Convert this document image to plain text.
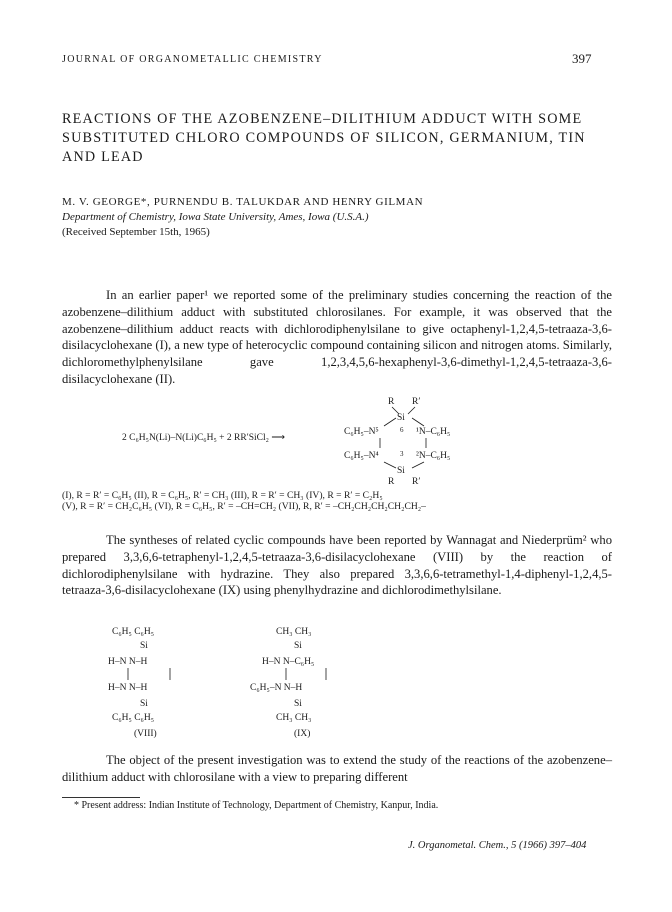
JOURNAL OF ORGANOMETALLIC CHEMISTRY	397
REACTIONS OF THE AZOBENZENE–DILITHIUM ADDUCT WITH SOME
SUBSTITUTED CHLORO COMPOUNDS OF SILICON, GERMANIUM, TIN
AND LEAD
M. V. GEORGE*, PURNENDU B. TALUKDAR AND HENRY GILMAN
Department of Chemistry, Iowa State University, Ames, Iowa (U.S.A.)
(Received September 15th, 1965)
In an earlier paper¹ we reported some of the preliminary studies concerning the reaction of the azobenzene–dilithium adduct with substituted chlorosilanes. For example, it was observed that the azobenzene–dilithium adduct reacts with dichlorodiphenylsilane to give octaphenyl-1,2,4,5-tetraaza-3,6-disilacyclohexane (I), a new type of heterocyclic compound containing silicon and nitrogen atoms. Similarly, dichloromethylphenylsilane gave 1,2,3,4,5,6-hexaphenyl-3,6-dimethyl-1,2,4,5-tetraaza-3,6-disilacyclohexane (II).
2 C₆H₅N(Li)–N(Li)C₆H₅ + 2 RR′SiCl₂ ⟶
R R′
Si
C₆H₅–N⁵	6 ¹N–C₆H₅
C₆H₅–N⁴	3 ²N–C₆H₅
Si
R R′
(I), R = R′ = C₆H₅ (II), R = C₆H₅, R′ = CH₃ (III), R = R′ = CH₃ (IV), R = R′ = C₂H₅
(V), R = R′ = CH₂C₆H₅ (VI), R = C₆H₅, R′ = –CH=CH₂ (VII), R, R′ = –CH₂CH₂CH₂CH₂CH₂–
The syntheses of related cyclic compounds have been reported by Wannagat and Niederprüm² who prepared 3,3,6,6-tetraphenyl-1,2,4,5-tetraaza-3,6-disilacyclohexane (VIII) by the reaction of dichlorodiphenylsilane with hydrazine. They also prepared 3,3,6,6-tetramethyl-1,4-diphenyl-1,2,4,5-tetraaza-3,6-disilacyclohexane (IX) using phenylhydrazine and dichlorodimethylsilane.
C₆H₅ C₆H₅
Si
H–N N–H
H–N N–H
Si
C₆H₅ C₆H₅
(VIII)
CH₃ CH₃
Si
H–N N–C₆H₅
C₆H₅–N N–H
Si
CH₃ CH₃
(IX)
The object of the present investigation was to extend the study of the reactions of the azobenzene–dilithium adduct with chlorosilane with a view to preparing different
* Present address: Indian Institute of Technology, Department of Chemistry, Kanpur, India.
J. Organometal. Chem., 5 (1966) 397–404
